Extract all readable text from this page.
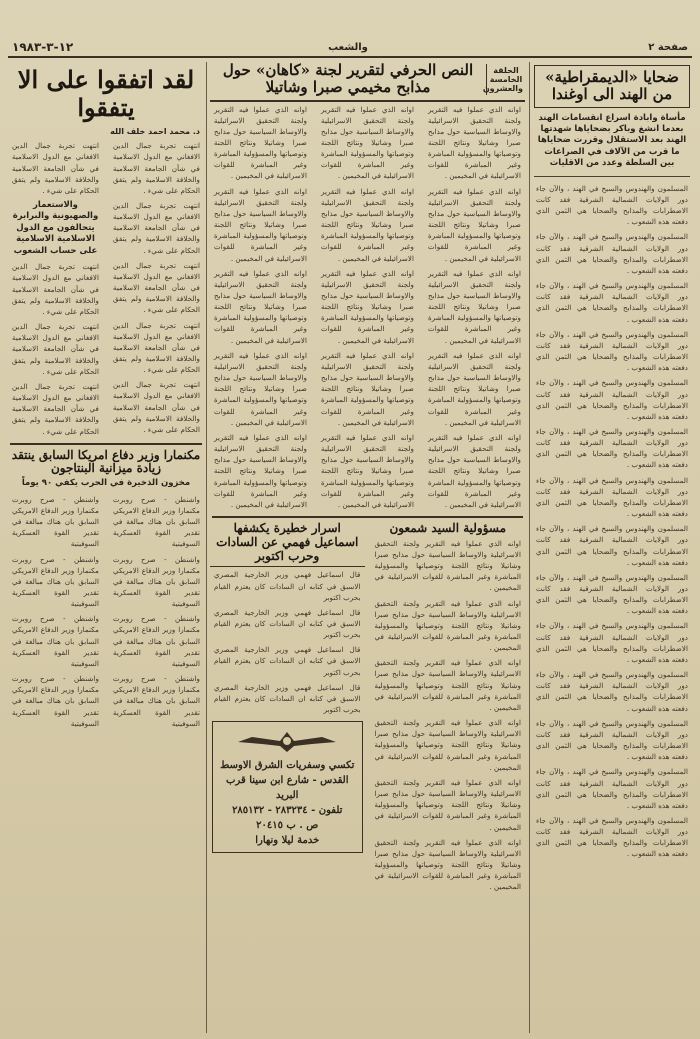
صفحة ٢
والشعب
١٢-٣-١٩٨٣
ضحايا «الديمقراطية» من الهند الى اوغندا
مأساة وابادة اسراع انقسامات الهند بعدما انشغ وباكر بضحاياها شهدتها الهند بعد الاستقلال وقررت ضحاياها ما قرب من الآلاف في الصراعات بين السلطة وعدد من الاقليات
المسلمون والهندوس والسيخ في الهند ، والآن جاء دور الولايات الشمالية الشرقية فقد كانت الاضطرابات والمذابح والضحايا هي الثمن الذي دفعته هذه الشعوب .
المسلمون والهندوس والسيخ في الهند ، والآن جاء دور الولايات الشمالية الشرقية فقد كانت الاضطرابات والمذابح والضحايا هي الثمن الذي دفعته هذه الشعوب .
المسلمون والهندوس والسيخ في الهند ، والآن جاء دور الولايات الشمالية الشرقية فقد كانت الاضطرابات والمذابح والضحايا هي الثمن الذي دفعته هذه الشعوب .
المسلمون والهندوس والسيخ في الهند ، والآن جاء دور الولايات الشمالية الشرقية فقد كانت الاضطرابات والمذابح والضحايا هي الثمن الذي دفعته هذه الشعوب .
المسلمون والهندوس والسيخ في الهند ، والآن جاء دور الولايات الشمالية الشرقية فقد كانت الاضطرابات والمذابح والضحايا هي الثمن الذي دفعته هذه الشعوب .
المسلمون والهندوس والسيخ في الهند ، والآن جاء دور الولايات الشمالية الشرقية فقد كانت الاضطرابات والمذابح والضحايا هي الثمن الذي دفعته هذه الشعوب .
المسلمون والهندوس والسيخ في الهند ، والآن جاء دور الولايات الشمالية الشرقية فقد كانت الاضطرابات والمذابح والضحايا هي الثمن الذي دفعته هذه الشعوب .
المسلمون والهندوس والسيخ في الهند ، والآن جاء دور الولايات الشمالية الشرقية فقد كانت الاضطرابات والمذابح والضحايا هي الثمن الذي دفعته هذه الشعوب .
المسلمون والهندوس والسيخ في الهند ، والآن جاء دور الولايات الشمالية الشرقية فقد كانت الاضطرابات والمذابح والضحايا هي الثمن الذي دفعته هذه الشعوب .
المسلمون والهندوس والسيخ في الهند ، والآن جاء دور الولايات الشمالية الشرقية فقد كانت الاضطرابات والمذابح والضحايا هي الثمن الذي دفعته هذه الشعوب .
المسلمون والهندوس والسيخ في الهند ، والآن جاء دور الولايات الشمالية الشرقية فقد كانت الاضطرابات والمذابح والضحايا هي الثمن الذي دفعته هذه الشعوب .
المسلمون والهندوس والسيخ في الهند ، والآن جاء دور الولايات الشمالية الشرقية فقد كانت الاضطرابات والمذابح والضحايا هي الثمن الذي دفعته هذه الشعوب .
المسلمون والهندوس والسيخ في الهند ، والآن جاء دور الولايات الشمالية الشرقية فقد كانت الاضطرابات والمذابح والضحايا هي الثمن الذي دفعته هذه الشعوب .
المسلمون والهندوس والسيخ في الهند ، والآن جاء دور الولايات الشمالية الشرقية فقد كانت الاضطرابات والمذابح والضحايا هي الثمن الذي دفعته هذه الشعوب .
الحلقة الخامسة والعشرون
النص الحرفي لتقرير لجنة «كاهان» حول مذابح مخيمي صبرا وشاتيلا
اوانه الذي عملوا فيه التقرير ولجنة التحقيق الاسرائيلية والاوساط السياسية حول مذابح صبرا وشاتيلا ونتائج اللجنة وتوصياتها والمسؤولية المباشرة وغير المباشرة للقوات الاسرائيلية في المخيمين .
اوانه الذي عملوا فيه التقرير ولجنة التحقيق الاسرائيلية والاوساط السياسية حول مذابح صبرا وشاتيلا ونتائج اللجنة وتوصياتها والمسؤولية المباشرة وغير المباشرة للقوات الاسرائيلية في المخيمين .
اوانه الذي عملوا فيه التقرير ولجنة التحقيق الاسرائيلية والاوساط السياسية حول مذابح صبرا وشاتيلا ونتائج اللجنة وتوصياتها والمسؤولية المباشرة وغير المباشرة للقوات الاسرائيلية في المخيمين .
اوانه الذي عملوا فيه التقرير ولجنة التحقيق الاسرائيلية والاوساط السياسية حول مذابح صبرا وشاتيلا ونتائج اللجنة وتوصياتها والمسؤولية المباشرة وغير المباشرة للقوات الاسرائيلية في المخيمين .
اوانه الذي عملوا فيه التقرير ولجنة التحقيق الاسرائيلية والاوساط السياسية حول مذابح صبرا وشاتيلا ونتائج اللجنة وتوصياتها والمسؤولية المباشرة وغير المباشرة للقوات الاسرائيلية في المخيمين .
اوانه الذي عملوا فيه التقرير ولجنة التحقيق الاسرائيلية والاوساط السياسية حول مذابح صبرا وشاتيلا ونتائج اللجنة وتوصياتها والمسؤولية المباشرة وغير المباشرة للقوات الاسرائيلية في المخيمين .
اوانه الذي عملوا فيه التقرير ولجنة التحقيق الاسرائيلية والاوساط السياسية حول مذابح صبرا وشاتيلا ونتائج اللجنة وتوصياتها والمسؤولية المباشرة وغير المباشرة للقوات الاسرائيلية في المخيمين .
اوانه الذي عملوا فيه التقرير ولجنة التحقيق الاسرائيلية والاوساط السياسية حول مذابح صبرا وشاتيلا ونتائج اللجنة وتوصياتها والمسؤولية المباشرة وغير المباشرة للقوات الاسرائيلية في المخيمين .
اوانه الذي عملوا فيه التقرير ولجنة التحقيق الاسرائيلية والاوساط السياسية حول مذابح صبرا وشاتيلا ونتائج اللجنة وتوصياتها والمسؤولية المباشرة وغير المباشرة للقوات الاسرائيلية في المخيمين .
اوانه الذي عملوا فيه التقرير ولجنة التحقيق الاسرائيلية والاوساط السياسية حول مذابح صبرا وشاتيلا ونتائج اللجنة وتوصياتها والمسؤولية المباشرة وغير المباشرة للقوات الاسرائيلية في المخيمين .
اوانه الذي عملوا فيه التقرير ولجنة التحقيق الاسرائيلية والاوساط السياسية حول مذابح صبرا وشاتيلا ونتائج اللجنة وتوصياتها والمسؤولية المباشرة وغير المباشرة للقوات الاسرائيلية في المخيمين .
اوانه الذي عملوا فيه التقرير ولجنة التحقيق الاسرائيلية والاوساط السياسية حول مذابح صبرا وشاتيلا ونتائج اللجنة وتوصياتها والمسؤولية المباشرة وغير المباشرة للقوات الاسرائيلية في المخيمين .
اوانه الذي عملوا فيه التقرير ولجنة التحقيق الاسرائيلية والاوساط السياسية حول مذابح صبرا وشاتيلا ونتائج اللجنة وتوصياتها والمسؤولية المباشرة وغير المباشرة للقوات الاسرائيلية في المخيمين .
اوانه الذي عملوا فيه التقرير ولجنة التحقيق الاسرائيلية والاوساط السياسية حول مذابح صبرا وشاتيلا ونتائج اللجنة وتوصياتها والمسؤولية المباشرة وغير المباشرة للقوات الاسرائيلية في المخيمين .
اوانه الذي عملوا فيه التقرير ولجنة التحقيق الاسرائيلية والاوساط السياسية حول مذابح صبرا وشاتيلا ونتائج اللجنة وتوصياتها والمسؤولية المباشرة وغير المباشرة للقوات الاسرائيلية في المخيمين .
مسؤولية السيد شمعون
اوانه الذي عملوا فيه التقرير ولجنة التحقيق الاسرائيلية والاوساط السياسية حول مذابح صبرا وشاتيلا ونتائج اللجنة وتوصياتها والمسؤولية المباشرة وغير المباشرة للقوات الاسرائيلية في المخيمين .
اوانه الذي عملوا فيه التقرير ولجنة التحقيق الاسرائيلية والاوساط السياسية حول مذابح صبرا وشاتيلا ونتائج اللجنة وتوصياتها والمسؤولية المباشرة وغير المباشرة للقوات الاسرائيلية في المخيمين .
اوانه الذي عملوا فيه التقرير ولجنة التحقيق الاسرائيلية والاوساط السياسية حول مذابح صبرا وشاتيلا ونتائج اللجنة وتوصياتها والمسؤولية المباشرة وغير المباشرة للقوات الاسرائيلية في المخيمين .
اوانه الذي عملوا فيه التقرير ولجنة التحقيق الاسرائيلية والاوساط السياسية حول مذابح صبرا وشاتيلا ونتائج اللجنة وتوصياتها والمسؤولية المباشرة وغير المباشرة للقوات الاسرائيلية في المخيمين .
اوانه الذي عملوا فيه التقرير ولجنة التحقيق الاسرائيلية والاوساط السياسية حول مذابح صبرا وشاتيلا ونتائج اللجنة وتوصياتها والمسؤولية المباشرة وغير المباشرة للقوات الاسرائيلية في المخيمين .
اوانه الذي عملوا فيه التقرير ولجنة التحقيق الاسرائيلية والاوساط السياسية حول مذابح صبرا وشاتيلا ونتائج اللجنة وتوصياتها والمسؤولية المباشرة وغير المباشرة للقوات الاسرائيلية في المخيمين .
اسرار خطيرة يكشفها اسماعيل فهمي عن السادات وحرب اكتوبر
قال اسماعيل فهمي وزير الخارجية المصري الاسبق في كتابه ان السادات كان يعتزم القيام بحرب اكتوبر
قال اسماعيل فهمي وزير الخارجية المصري الاسبق في كتابه ان السادات كان يعتزم القيام بحرب اكتوبر
قال اسماعيل فهمي وزير الخارجية المصري الاسبق في كتابه ان السادات كان يعتزم القيام بحرب اكتوبر
قال اسماعيل فهمي وزير الخارجية المصري الاسبق في كتابه ان السادات كان يعتزم القيام بحرب اكتوبر
تكسي وسفريات الشرق الاوسط
القدس - شارع ابن سينا قرب البريد
تلفون - ٢٨٣٢٣٤ - ٢٨٥١٣٢
ص . ب ٢٠٤١٥
خدمة ليلا ونهارا
لقد اتفقوا على الا يتفقوا
د. محمد احمد خلف الله
انتهت تجربة جمال الدين الافغاني مع الدول الاسلامية في شأن الجامعة الاسلامية والخلافة الاسلامية ولم يتفق الحكام على شيء .
انتهت تجربة جمال الدين الافغاني مع الدول الاسلامية في شأن الجامعة الاسلامية والخلافة الاسلامية ولم يتفق الحكام على شيء .
انتهت تجربة جمال الدين الافغاني مع الدول الاسلامية في شأن الجامعة الاسلامية والخلافة الاسلامية ولم يتفق الحكام على شيء .
انتهت تجربة جمال الدين الافغاني مع الدول الاسلامية في شأن الجامعة الاسلامية والخلافة الاسلامية ولم يتفق الحكام على شيء .
انتهت تجربة جمال الدين الافغاني مع الدول الاسلامية في شأن الجامعة الاسلامية والخلافة الاسلامية ولم يتفق الحكام على شيء .
انتهت تجربة جمال الدين الافغاني مع الدول الاسلامية في شأن الجامعة الاسلامية والخلافة الاسلامية ولم يتفق الحكام على شيء .
والاستعمار والصهيونية والبرابرة يتحالفون مع الدول الاسلامية الاسلامية على حساب الشعوب
انتهت تجربة جمال الدين الافغاني مع الدول الاسلامية في شأن الجامعة الاسلامية والخلافة الاسلامية ولم يتفق الحكام على شيء .
انتهت تجربة جمال الدين الافغاني مع الدول الاسلامية في شأن الجامعة الاسلامية والخلافة الاسلامية ولم يتفق الحكام على شيء .
انتهت تجربة جمال الدين الافغاني مع الدول الاسلامية في شأن الجامعة الاسلامية والخلافة الاسلامية ولم يتفق الحكام على شيء .
مكنمارا وزير دفاع امريكا السابق ينتقد زيادة ميزانية البنتاجون
مخزون الذخيرة في الحرب يكفي ٩٠ يوماً
واشنطن - صرح روبرت مكنمارا وزير الدفاع الامريكي السابق بان هناك مبالغة في تقدير القوة العسكرية السوفيتية
واشنطن - صرح روبرت مكنمارا وزير الدفاع الامريكي السابق بان هناك مبالغة في تقدير القوة العسكرية السوفيتية
واشنطن - صرح روبرت مكنمارا وزير الدفاع الامريكي السابق بان هناك مبالغة في تقدير القوة العسكرية السوفيتية
واشنطن - صرح روبرت مكنمارا وزير الدفاع الامريكي السابق بان هناك مبالغة في تقدير القوة العسكرية السوفيتية
واشنطن - صرح روبرت مكنمارا وزير الدفاع الامريكي السابق بان هناك مبالغة في تقدير القوة العسكرية السوفيتية
واشنطن - صرح روبرت مكنمارا وزير الدفاع الامريكي السابق بان هناك مبالغة في تقدير القوة العسكرية السوفيتية
واشنطن - صرح روبرت مكنمارا وزير الدفاع الامريكي السابق بان هناك مبالغة في تقدير القوة العسكرية السوفيتية
واشنطن - صرح روبرت مكنمارا وزير الدفاع الامريكي السابق بان هناك مبالغة في تقدير القوة العسكرية السوفيتية
